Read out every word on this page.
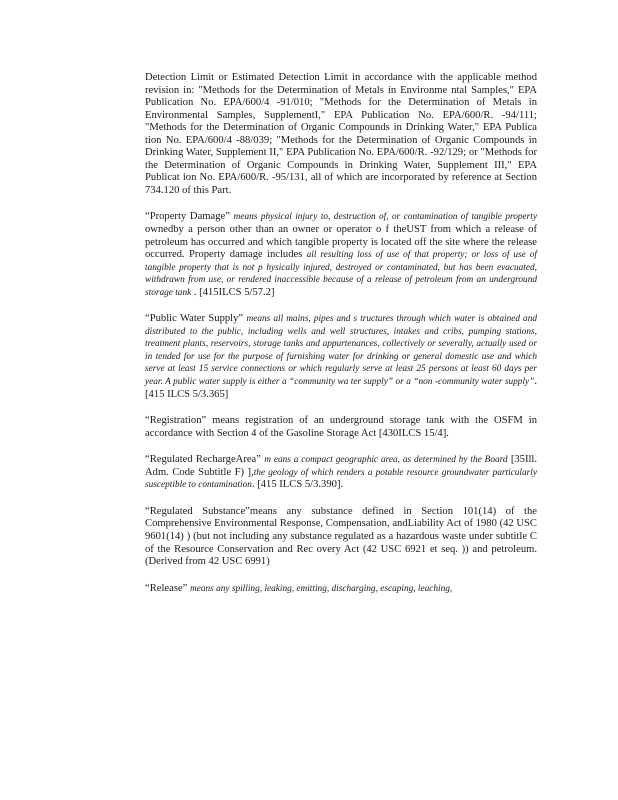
Detection Limit or Estimated Detection Limit in accordance with the applicable method revision in: "Methods for the Determination of Metals in Environme ntal Samples," EPA Publication No. EPA/600/4 -91/010; "Methods for the Determination of Metals in Environmental Samples, SupplementI," EPA Publication No. EPA/600/R. -94/111; "Methods for the Determination of Organic Compounds in Drinking Water," EPA Publica tion No. EPA/600/4 -88/039; "Methods for the Determination of Organic Compounds in Drinking Water, Supplement II," EPA Publication No. EPA/600/R. -92/129; or "Methods for the Determination of Organic Compounds in Drinking Water, Supplement III," EPA Publicat ion No. EPA/600/R. -95/131, all of which are incorporated by reference at Section 734.120 of this Part.

“Property Damage” means physical injury to, destruction of, or contamination of tangible property ownedby a person other than an owner or operator o f theUST from which a release of petroleum has occurred and which tangible property is located off the site where the release occurred. Property damage includes all resulting loss of use of that property; or loss of use of tangible property that is not p hysically injured, destroyed or contaminated, but has been evacuated, withdrawn from use, or rendered inaccessible because of a release of petroleum from an underground storage tank . [415ILCS 5/57.2]

“Public Water Supply” means all mains, pipes and s tructures through which water is obtained and distributed to the public, including wells and well structures, intakes and cribs, pumping stations, treatment plants, reservoirs, storage tanks and appurtenances, collectively or severally, actually used or in tended for use for the purpose of furnishing water for drinking or general domestic use and which serve at least 15 service connections or which regularly serve at least 25 persons at least 60 days per year. A public water supply is either a “community wa ter supply” or a “non -community water supply”. [415 ILCS 5/3.365]

“Registration” means registration of an underground storage tank with the OSFM in accordance with Section 4 of the Gasoline Storage Act [430ILCS 15/4].

“Regulated RechargeArea” m eans a compact geographic area, as determined by the Board [35Ill. Adm. Code Subtitle F) ],the geology of which renders a potable resource groundwater particularly susceptible to contamination. [415 ILCS 5/3.390].

“Regulated Substance”means any substance defined in Section 101(14) of the Comprehensive Environmental Response, Compensation, andLiability Act of 1980 (42 USC 9601(14) ) (but not including any substance regulated as a hazardous waste under subtitle C of the Resource Conservation and Rec overy Act (42 USC 6921 et seq. )) and petroleum. (Derived from 42 USC 6991)

“Release” means any spilling, leaking, emitting, discharging, escaping, leaching,
